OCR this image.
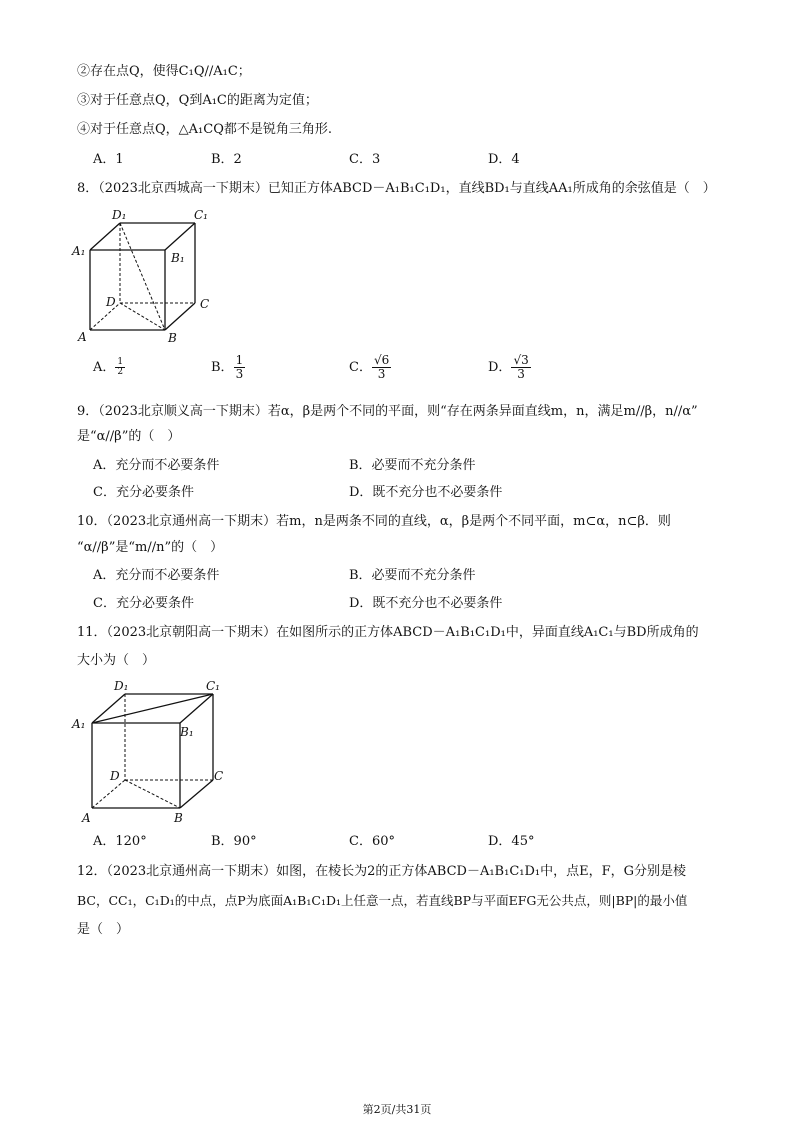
②存在点Q，使得C₁Q//A₁C；
③对于任意点Q，Q到A₁C的距离为定值；
④对于任意点Q，△A₁CQ都不是锐角三角形.
A．1	B．2	C．3	D．4
8．（2023北京西城高一下期末）已知正方体ABCD－A₁B₁C₁D₁，直线BD₁与直线AA₁所成角的余弦值是（　）
D₁	C₁
A₁	B₁
D	C
A	B
A． $\frac{1}{2}$	B． $\frac{1}{3}$	C． $\frac{√6}{3}$	D． $\frac{√3}{3}$
9．（2023北京顺义高一下期末）若α，β是两个不同的平面，则“存在两条异面直线m，n，满足m//β，n//α”
是“α//β”的（　）
A．充分而不必要条件	B．必要而不充分条件
C．充分必要条件	D．既不充分也不必要条件
10．（2023北京通州高一下期末）若m，n是两条不同的直线，α，β是两个不同平面，m⊂α，n⊂β．则
“α//β”是“m//n”的（　）
A．充分而不必要条件	B．必要而不充分条件
C．充分必要条件	D．既不充分也不必要条件
11．（2023北京朝阳高一下期末）在如图所示的正方体ABCD－A₁B₁C₁D₁中，异面直线A₁C₁与BD所成角的
大小为（　）
D₁	C₁
A₁
B₁
D	C
A	B
A．120°	B．90°	C．60°	D．45°
12．（2023北京通州高一下期末）如图，在棱长为2的正方体ABCD－A₁B₁C₁D₁中，点E，F，G分别是棱
BC，CC₁，C₁D₁的中点，点P为底面A₁B₁C₁D₁上任意一点，若直线BP与平面EFG无公共点，则|BP|的最小值
是（　）
第2页/共31页
